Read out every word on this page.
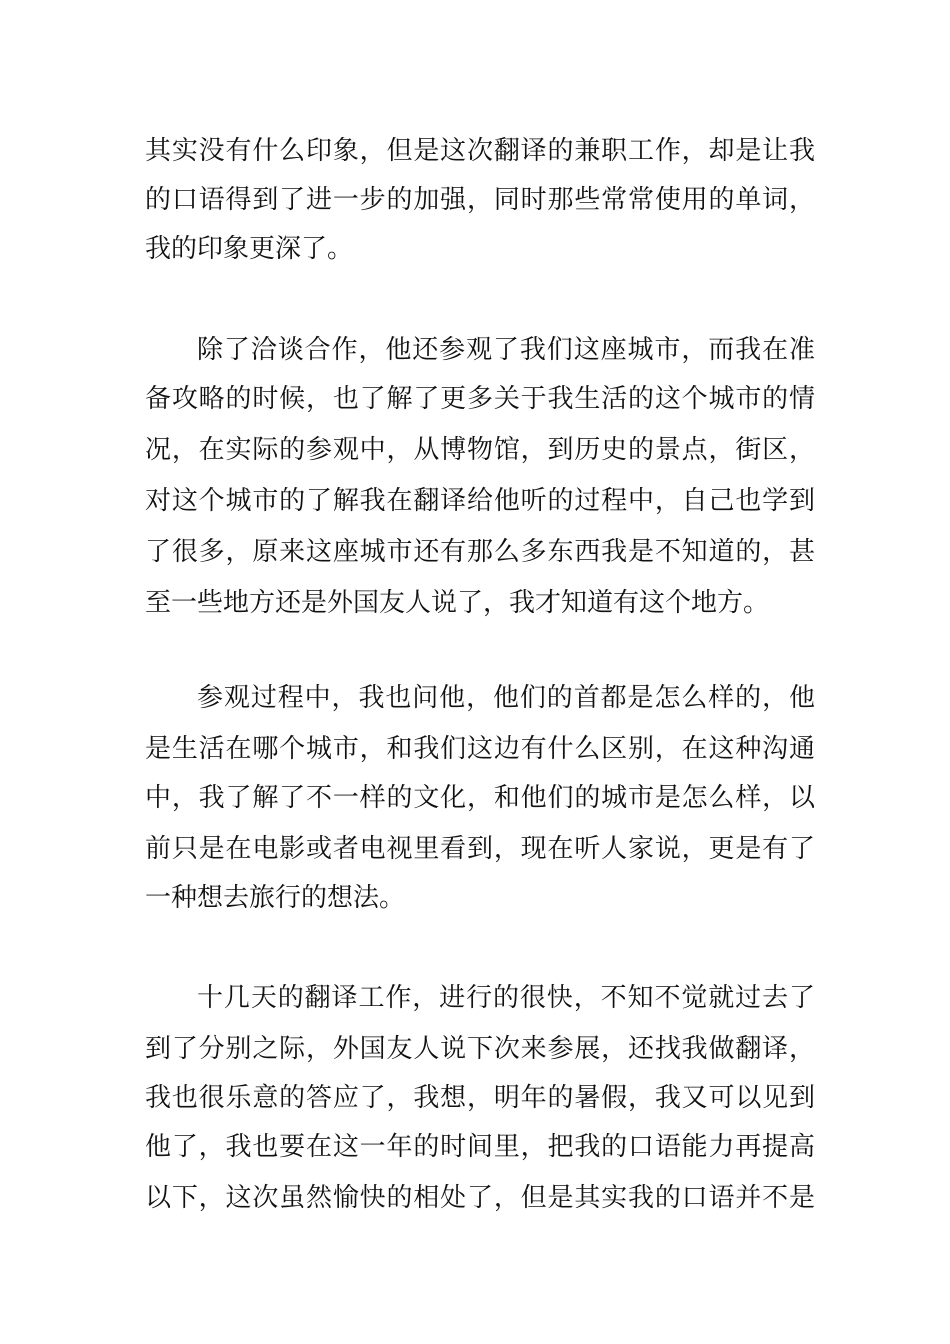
其实没有什么印象，但是这次翻译的兼职工作，却是让我
的口语得到了进一步的加强，同时那些常常使用的单词，
我的印象更深了。
除了洽谈合作，他还参观了我们这座城市，而我在准
备攻略的时候，也了解了更多关于我生活的这个城市的情
况，在实际的参观中，从博物馆，到历史的景点，街区，
对这个城市的了解我在翻译给他听的过程中，自己也学到
了很多，原来这座城市还有那么多东西我是不知道的，甚
至一些地方还是外国友人说了，我才知道有这个地方。
参观过程中，我也问他，他们的首都是怎么样的，他
是生活在哪个城市，和我们这边有什么区别，在这种沟通
中，我了解了不一样的文化，和他们的城市是怎么样，以
前只是在电影或者电视里看到，现在听人家说，更是有了
一种想去旅行的想法。
十几天的翻译工作，进行的很快，不知不觉就过去了
到了分别之际，外国友人说下次来参展，还找我做翻译，
我也很乐意的答应了，我想，明年的暑假，我又可以见到
他了，我也要在这一年的时间里，把我的口语能力再提高
以下，这次虽然愉快的相处了，但是其实我的口语并不是
